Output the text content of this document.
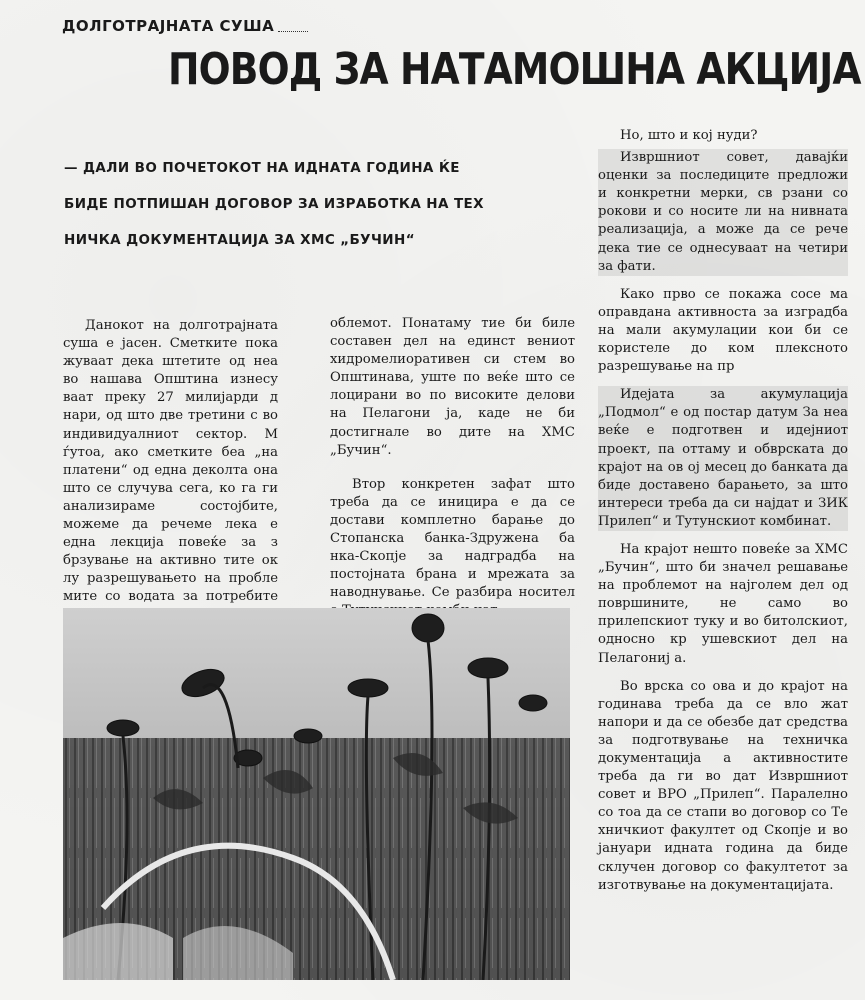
ДОЛГОТРАЈНАТА СУША
ПОВОД ЗА НАТАМОШНА АКЦИЈА
— ДАЛИ ВО ПОЧЕТОКОТ НА ИДНАТА ГОДИНА ЌЕ
БИДЕ ПОТПИШАН ДОГОВОР ЗА ИЗРАБОТКА НА ТЕХ
НИЧКА ДОКУМЕНТАЦИЈА ЗА ХМС „БУЧИН“

Данокот на долготрајната суша е јасен. Сметките пока жуваат дека штетите од неа во нашава Општина изнесу ваат преку 27 милијарди д нари, од што две третини с во индивидуалниот сектор. М ѓутоа, ако сметките беа „на платени“ од една деколта она што се случува сега, ко га ги анализираме состојбите, можеме да речеме лека е една лекција повеќе за з брзување на активно тите ок лу разрешувањето на пробле мите со водата за потребите

облемот. Понатаму тие би биле составен дел на единст вениот хидромелиоративен си стем во Општинава, уште по веќе што се лоцирани во по високите делови на Пелагони ја, каде не би достигнале во дите на ХМС „Бучин“.

Втор конкретен зафат што треба да се иницира е да се достави комплетно барање до Стопанска банка-Здружена ба нка-Скопје за надградба на постојната брана и мрежата за наводнување. Се разбира носител

Но, што и кој нуди?

Извршниот совет, давајќи оценки за последиците предложи и конкретни мерки, св рзани со рокови и со носите ли на нивната реализација, а може да се рече дека тие се однесуваат на четири за фати.

Како прво се покажа сосе ма оправдана активноста за изградба на мали акумулации кои би се користеле до ком плексното разрешување на пр

Идејата за акумулација „Подмол“ е од постар датум За неа веќе е подготвен и идејниот проект, па оттаму и обврската до крајот на ов ој месец до банката да биде доставено барањето, за што интереси треба да си најдат и ЗИК Прилеп“ и Тутунскиот комбинат.

На крајот нешто повеќе за ХМС „Бучин“, што би значел решавање на проблемот на најголем дел од површините, не само во прилепскиот туку и во битолскиот, односно кр ушевскиот дел на Пелагониј а.

Во врска со ова и до крајот на годинава треба да се вло жат напори и да се обезбе дат средства за подготвување на техничка документација а активностите треба да ги во дат Извршниот совет и ВРО „Прилеп“. Паралелно со тоа да се стапи во договор со Те хничкиот факултет од Скопје и во јануари идната година да биде склучен договор со факултетот за изготвување на документацијата.
